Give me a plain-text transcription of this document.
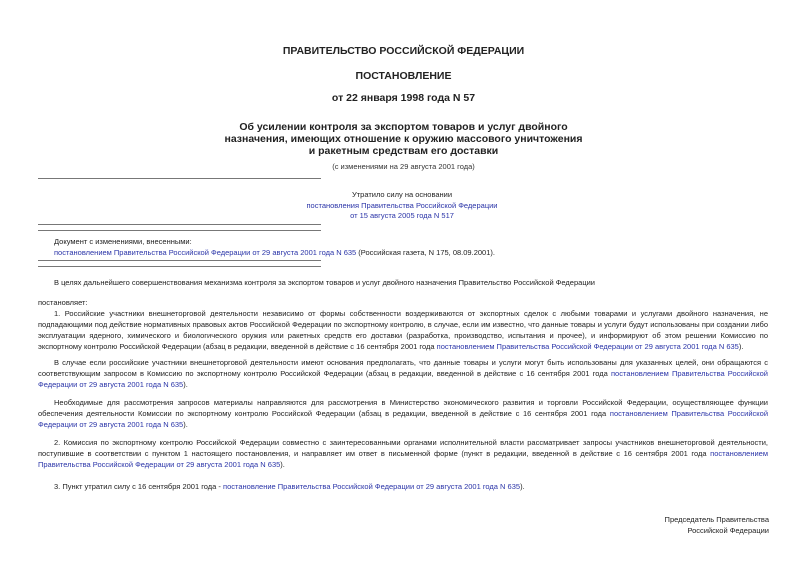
ПРАВИТЕЛЬСТВО РОССИЙСКОЙ ФЕДЕРАЦИИ
ПОСТАНОВЛЕНИЕ
от 22 января 1998 года N 57
Об усилении контроля за экспортом товаров и услуг двойного
назначения, имеющих отношение к оружию массового уничтожения
и ракетным средствам его доставки
(с изменениями на 29 августа 2001 года)
Утратило силу на основании
постановления Правительства Российской Федерации
от 15 августа 2005 года N 517
Документ с изменениями, внесенными:
постановлением Правительства Российской Федерации от 29 августа 2001 года N 635 (Российская газета, N 175, 08.09.2001).
В целях дальнейшего совершенствования механизма контроля за экспортом товаров и услуг двойного назначения Правительство Российской Федерации
постановляет:
1. Российские участники внешнеторговой деятельности независимо от формы собственности воздерживаются от экспортных сделок с любыми товарами и услугами двойного назначения, не подпадающими под действие нормативных правовых актов Российской Федерации по экспортному контролю, в случае, если им известно, что данные товары и услуги будут использованы при создании либо эксплуатации ядерного, химического и биологического оружия или ракетных средств его доставки (разработка, производство, испытания и прочее), и информируют об этом решении Комиссию по экспортному контролю Российской Федерации (абзац в редакции, введенной в действие с 16 сентября 2001 года постановлением Правительства Российской Федерации от 29 августа 2001 года N 635).
В случае если российские участники внешнеторговой деятельности имеют основания предполагать, что данные товары и услуги могут быть использованы для указанных целей, они обращаются с соответствующим запросом в Комиссию по экспортному контролю Российской Федерации (абзац в редакции, введенной в действие с 16 сентября 2001 года постановлением Правительства Российской Федерации от 29 августа 2001 года N 635).
Необходимые для рассмотрения запросов материалы направляются для рассмотрения в Министерство экономического развития и торговли Российской Федерации, осуществляющее функции обеспечения деятельности Комиссии по экспортному контролю Российской Федерации (абзац в редакции, введенной в действие с 16 сентября 2001 года постановлением Правительства Российской Федерации от 29 августа 2001 года N 635).
2. Комиссия по экспортному контролю Российской Федерации совместно с заинтересованными органами исполнительной власти рассматривает запросы участников внешнеторговой деятельности, поступившие в соответствии с пунктом 1 настоящего постановления, и направляет им ответ в письменной форме (пункт в редакции, введенной в действие с 16 сентября 2001 года постановлением Правительства Российской Федерации от 29 августа 2001 года N 635).
3. Пункт утратил силу с 16 сентября 2001 года - постановление Правительства Российской Федерации от 29 августа 2001 года N 635).
Председатель Правительства
Российской Федерации
